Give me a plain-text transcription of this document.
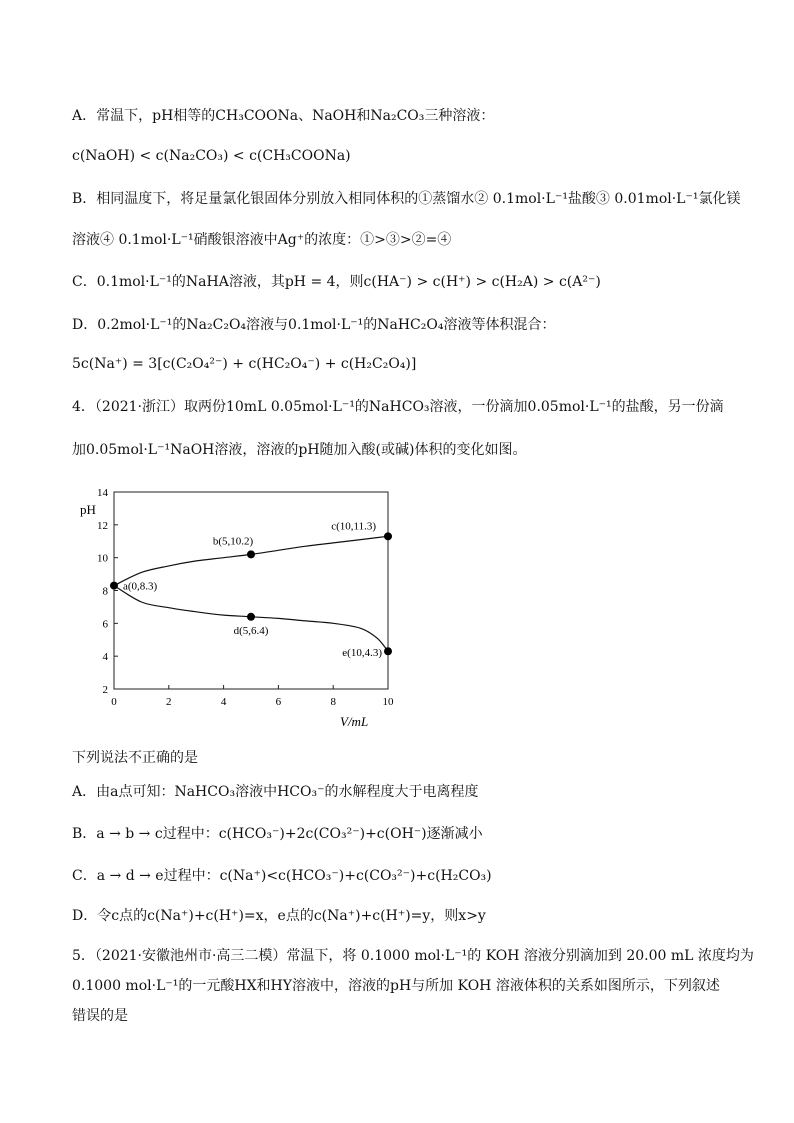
A．常温下，pH相等的CH₃COONa、NaOH和Na₂CO₃三种溶液：
c(NaOH) < c(Na₂CO₃) < c(CH₃COONa)
B．相同温度下，将足量氯化银固体分别放入相同体积的①蒸馏水② 0.1mol·L⁻¹盐酸③ 0.01mol·L⁻¹氯化镁
溶液④ 0.1mol·L⁻¹硝酸银溶液中Ag⁺的浓度：①>③>②=④
C．0.1mol·L⁻¹的NaHA溶液，其pH = 4，则c(HA⁻) > c(H⁺) > c(H₂A) > c(A²⁻)
D．0.2mol·L⁻¹的Na₂C₂O₄溶液与0.1mol·L⁻¹的NaHC₂O₄溶液等体积混合：
5c(Na⁺) = 3[c(C₂O₄²⁻) + c(HC₂O₄⁻) + c(H₂C₂O₄)]
4．（2021·浙江）取两份10mL 0.05mol·L⁻¹的NaHCO₃溶液，一份滴加0.05mol·L⁻¹的盐酸，另一份滴
加0.05mol·L⁻¹NaOH溶液，溶液的pH随加入酸(或碱)体积的变化如图。
2
4
6
8
10
12
14
0	2	4	6	8	10
pH
V/mL
a(0,8.3)
b(5,10.2)
c(10,11.3)
d(5,6.4)
e(10,4.3)
下列说法不正确的是
A．由a点可知：NaHCO₃溶液中HCO₃⁻的水解程度大于电离程度
B．a → b → c过程中：c(HCO₃⁻)+2c(CO₃²⁻)+c(OH⁻)逐渐减小
C．a → d → e过程中：c(Na⁺)<c(HCO₃⁻)+c(CO₃²⁻)+c(H₂CO₃)
D．令c点的c(Na⁺)+c(H⁺)=x，e点的c(Na⁺)+c(H⁺)=y，则x>y
5．（2021·安徽池州市·高三二模）常温下，将 0.1000 mol·L⁻¹的 KOH 溶液分别滴加到 20.00 mL 浓度均为
0.1000 mol·L⁻¹的一元酸HX和HY溶液中，溶液的pH与所加 KOH 溶液体积的关系如图所示，下列叙述
错误的是
